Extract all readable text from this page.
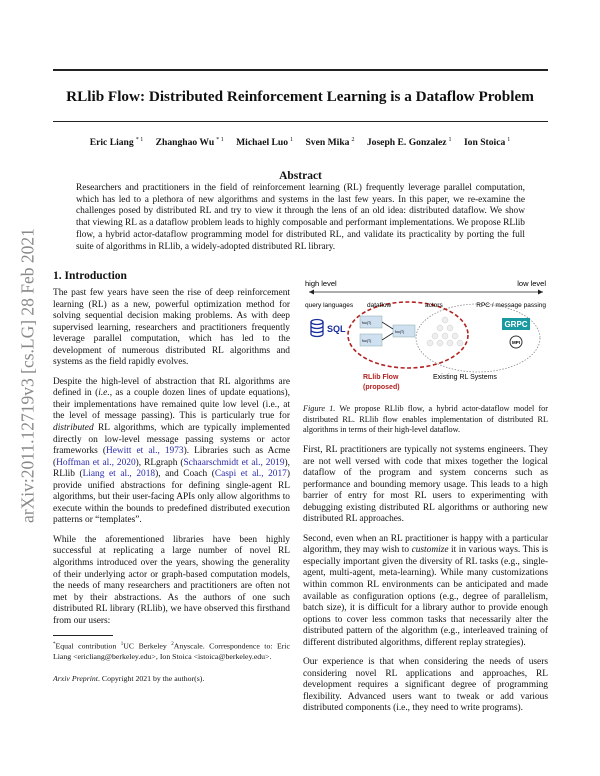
arXiv:2011.12719v3 [cs.LG] 28 Feb 2021
RLlib Flow: Distributed Reinforcement Learning is a Dataflow Problem
Eric Liang $^{* 1}$ Zhanghao Wu $^{* 1}$ Michael Luo $^1$ Sven Mika $^2$ Joseph E. Gonzalez $^1$ Ion Stoica $^1$
Abstract
Researchers and practitioners in the field of reinforcement learning (RL) frequently leverage parallel computation, which has led to a plethora of new algorithms and systems in the last few years. In this paper, we re-examine the challenges posed by distributed RL and try to view it through the lens of an old idea: distributed dataflow. We show that viewing RL as a dataflow problem leads to highly composable and performant implementations. We propose RLlib flow, a hybrid actor-dataflow programming model for distributed RL, and validate its practicality by porting the full suite of algorithms in RLlib, a widely-adopted distributed RL library.
1. Introduction

The past few years have seen the rise of deep reinforcement learning (RL) as a new, powerful optimization method for solving sequential decision making problems. As with deep supervised learning, researchers and practitioners frequently leverage parallel computation, which has led to the development of numerous distributed RL algorithms and systems as the field rapidly evolves.

Despite the high-level of abstraction that RL algorithms are defined in (i.e., as a couple dozen lines of update equations), their implementations have remained quite low level (i.e., at the level of message passing). This is particularly true for distributed RL algorithms, which are typically implemented directly on low-level message passing systems or actor frameworks (Hewitt et al., 1973). Libraries such as Acme (Hoffman et al., 2020), RLgraph (Schaarschmidt et al., 2019), RLlib (Liang et al., 2018), and Coach (Caspi et al., 2017) provide unified abstractions for defining single-agent RL algorithms, but their user-facing APIs only allow algorithms to execute within the bounds to predefined distributed execution patterns or “templates”.

While the aforementioned libraries have been highly successful at replicating a large number of novel RL algorithms introduced over the years, showing the generality of their underlying actor or graph-based computation models, the needs of many researchers and practitioners are often not met by their abstractions. As the authors of one such distributed RL library (RLlib), we have observed this firsthand from our users:

*Equal contribution $^1$UC Berkeley $^2$Anyscale. Correspondence to: Eric Liang <ericliang@berkeley.edu>, Ion Stoica <istoica@berkeley.edu>.
Arxiv Preprint. Copyright 2021 by the author(s).
high level	low level
query languages dataflow	actors	RPC / message passing
SQL
foo(T)
foo(T)
foo(T)
GRPC
MPI
RLlib Flow
(proposed)
Existing RL Systems
Figure 1. We propose RLlib flow, a hybrid actor-dataflow model for distributed RL. RLlib flow enables implementation of distributed RL algorithms in terms of their high-level dataflow.

First, RL practitioners are typically not systems engineers. They are not well versed with code that mixes together the logical dataflow of the program and system concerns such as performance and bounding memory usage. This leads to a high barrier of entry for most RL users to experimenting with debugging existing distributed RL algorithms or authoring new distributed RL approaches.

Second, even when an RL practitioner is happy with a particular algorithm, they may wish to customize it in various ways. This is especially important given the diversity of RL tasks (e.g., single-agent, multi-agent, meta-learning). While many customizations within common RL environments can be anticipated and made available as configuration options (e.g., degree of parallelism, batch size), it is difficult for a library author to provide enough options to cover less common tasks that necessarily alter the distributed pattern of the algorithm (e.g., interleaved training of different distributed algorithms, different replay strategies).

Our experience is that when considering the needs of users considering novel RL applications and approaches, RL development requires a significant degree of programming flexibility. Advanced users want to tweak or add various distributed components (i.e., they need to write programs).
